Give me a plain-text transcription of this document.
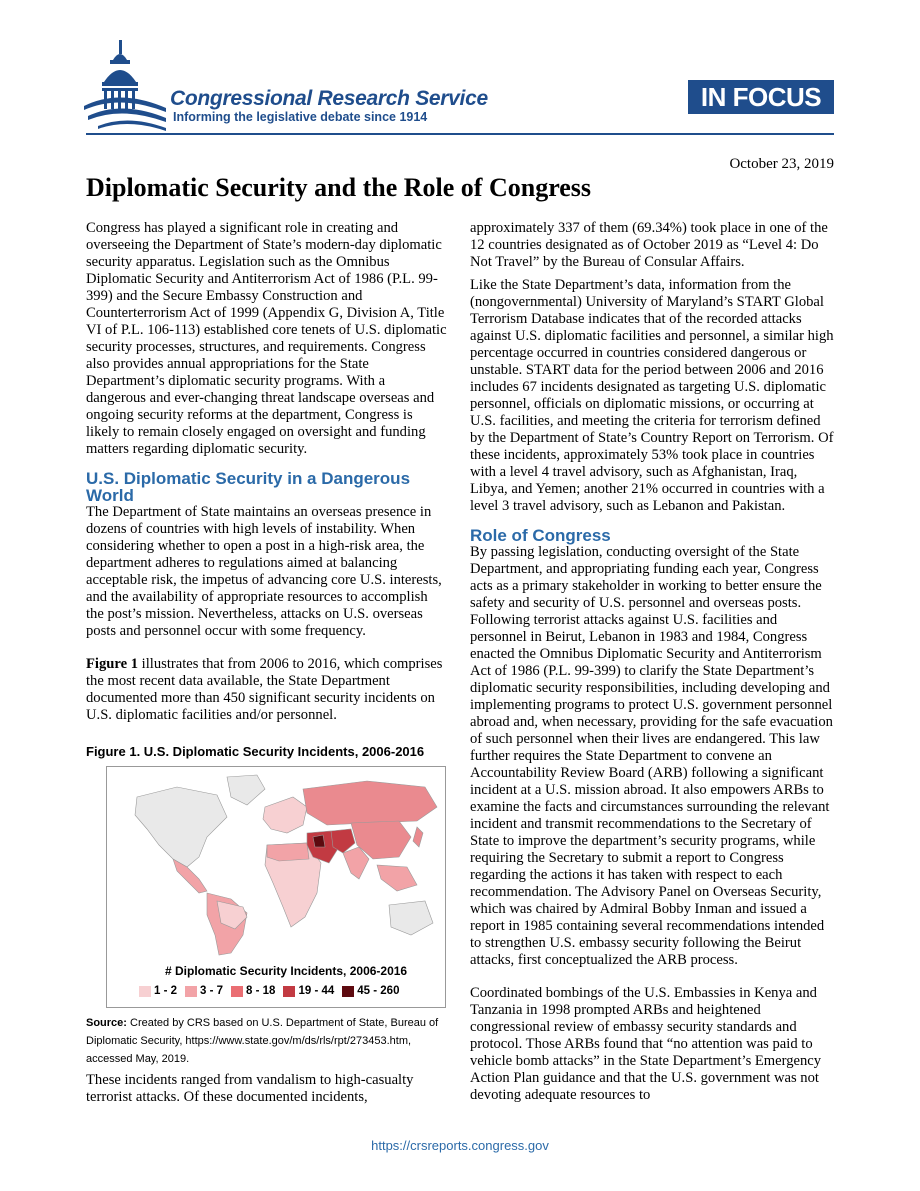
Congressional Research Service
Informing the legislative debate since 1914
IN FOCUS
October 23, 2019
Diplomatic Security and the Role of Congress

Congress has played a significant role in creating and overseeing the Department of State’s modern-day diplomatic security apparatus. Legislation such as the Omnibus Diplomatic Security and Antiterrorism Act of 1986 (P.L. 99-399) and the Secure Embassy Construction and Counterterrorism Act of 1999 (Appendix G, Division A, Title VI of P.L. 106-113) established core tenets of U.S. diplomatic security processes, structures, and requirements. Congress also provides annual appropriations for the State Department’s diplomatic security programs. With a dangerous and ever-changing threat landscape overseas and ongoing security reforms at the department, Congress is likely to remain closely engaged on oversight and funding matters regarding diplomatic security.

U.S. Diplomatic Security in a Dangerous World

The Department of State maintains an overseas presence in dozens of countries with high levels of instability. When considering whether to open a post in a high-risk area, the department adheres to regulations aimed at balancing acceptable risk, the impetus of advancing core U.S. interests, and the availability of appropriate resources to accomplish the post’s mission. Nevertheless, attacks on U.S. overseas posts and personnel occur with some frequency.

Figure 1 illustrates that from 2006 to 2016, which comprises the most recent data available, the State Department documented more than 450 significant security incidents on U.S. diplomatic facilities and/or personnel.

Figure 1. U.S. Diplomatic Security Incidents, 2006-2016
# Diplomatic Security Incidents, 2006-2016
1 - 2 3 - 7 8 - 18 19 - 44 45 - 260
Source: Created by CRS based on U.S. Department of State, Bureau of Diplomatic Security, https://www.state.gov/m/ds/rls/rpt/273453.htm, accessed May, 2019.

These incidents ranged from vandalism to high-casualty terrorist attacks. Of these documented incidents,

approximately 337 of them (69.34%) took place in one of the 12 countries designated as of October 2019 as “Level 4: Do Not Travel” by the Bureau of Consular Affairs.

Like the State Department’s data, information from the (nongovernmental) University of Maryland’s START Global Terrorism Database indicates that of the recorded attacks against U.S. diplomatic facilities and personnel, a similar high percentage occurred in countries considered dangerous or unstable. START data for the period between 2006 and 2016 includes 67 incidents designated as targeting U.S. diplomatic personnel, officials on diplomatic missions, or occurring at U.S. facilities, and meeting the criteria for terrorism defined by the Department of State’s Country Report on Terrorism. Of these incidents, approximately 53% took place in countries with a level 4 travel advisory, such as Afghanistan, Iraq, Libya, and Yemen; another 21% occurred in countries with a level 3 travel advisory, such as Lebanon and Pakistan.

Role of Congress

By passing legislation, conducting oversight of the State Department, and appropriating funding each year, Congress acts as a primary stakeholder in working to better ensure the safety and security of U.S. personnel and overseas posts. Following terrorist attacks against U.S. facilities and personnel in Beirut, Lebanon in 1983 and 1984, Congress enacted the Omnibus Diplomatic Security and Antiterrorism Act of 1986 (P.L. 99-399) to clarify the State Department’s diplomatic security responsibilities, including developing and implementing programs to protect U.S. government personnel abroad and, when necessary, providing for the safe evacuation of such personnel when their lives are endangered. This law further requires the State Department to convene an Accountability Review Board (ARB) following a significant incident at a U.S. mission abroad. It also empowers ARBs to examine the facts and circumstances surrounding the relevant incident and transmit recommendations to the Secretary of State to improve the department’s security programs, while requiring the Secretary to submit a report to Congress regarding the actions it has taken with respect to each recommendation. The Advisory Panel on Overseas Security, which was chaired by Admiral Bobby Inman and issued a report in 1985 containing several recommendations intended to strengthen U.S. embassy security following the Beirut attacks, first conceptualized the ARB process.

Coordinated bombings of the U.S. Embassies in Kenya and Tanzania in 1998 prompted ARBs and heightened congressional review of embassy security standards and protocol. Those ARBs found that “no attention was paid to vehicle bomb attacks” in the State Department’s Emergency Action Plan guidance and that the U.S. government was not devoting adequate resources to

https://crsreports.congress.gov
